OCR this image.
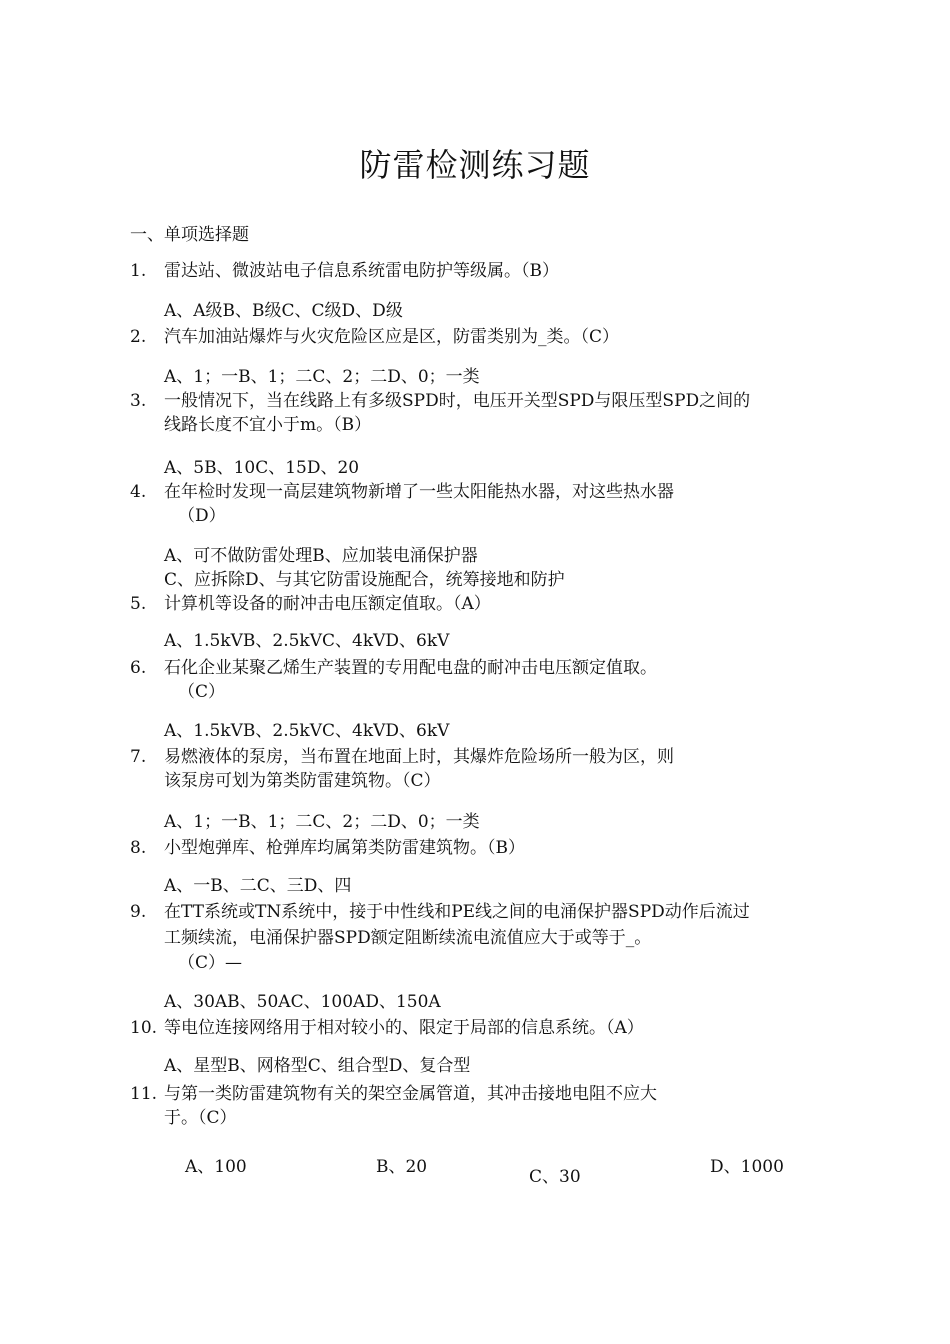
防雷检测练习题
一、单项选择题
1.	雷达站、微波站电子信息系统雷电防护等级属。（B）
A、A级B、B级C、C级D、D级
2.	汽车加油站爆炸与火灾危险区应是区，防雷类别为_类。（C）
A、1；一B、1；二C、2；二D、0；一类
3.	一般情况下，当在线路上有多级SPD时，电压开关型SPD与限压型SPD之间的
线路长度不宜小于m。（B）
A、5B、10C、15D、20
4.	在年检时发现一高层建筑物新增了一些太阳能热水器，对这些热水器
（D）
A、可不做防雷处理B、应加装电涌保护器
C、应拆除D、与其它防雷设施配合，统筹接地和防护
5.	计算机等设备的耐冲击电压额定值取。（A）
A、1.5kVB、2.5kVC、4kVD、6kV
6.	石化企业某聚乙烯生产装置的专用配电盘的耐冲击电压额定值取。
（C）
A、1.5kVB、2.5kVC、4kVD、6kV
7.	易燃液体的泵房，当布置在地面上时，其爆炸危险场所一般为区，则
该泵房可划为第类防雷建筑物。（C）
A、1；一B、1；二C、2；二D、0；一类
8.	小型炮弹库、枪弹库均属第类防雷建筑物。（B）
A、一B、二C、三D、四
9.	在TT系统或TN系统中，接于中性线和PE线之间的电涌保护器SPD动作后流过
工频续流，电涌保护器SPD额定阻断续流电流值应大于或等于_。
（C）—
A、30AB、50AC、100AD、150A
10. 等电位连接网络用于相对较小的、限定于局部的信息系统。（A）
A、星型B、网格型C、组合型D、复合型
11. 与第一类防雷建筑物有关的架空金属管道，其冲击接地电阻不应大
于。（C）
A、100	B、20	C、30	D、1000
